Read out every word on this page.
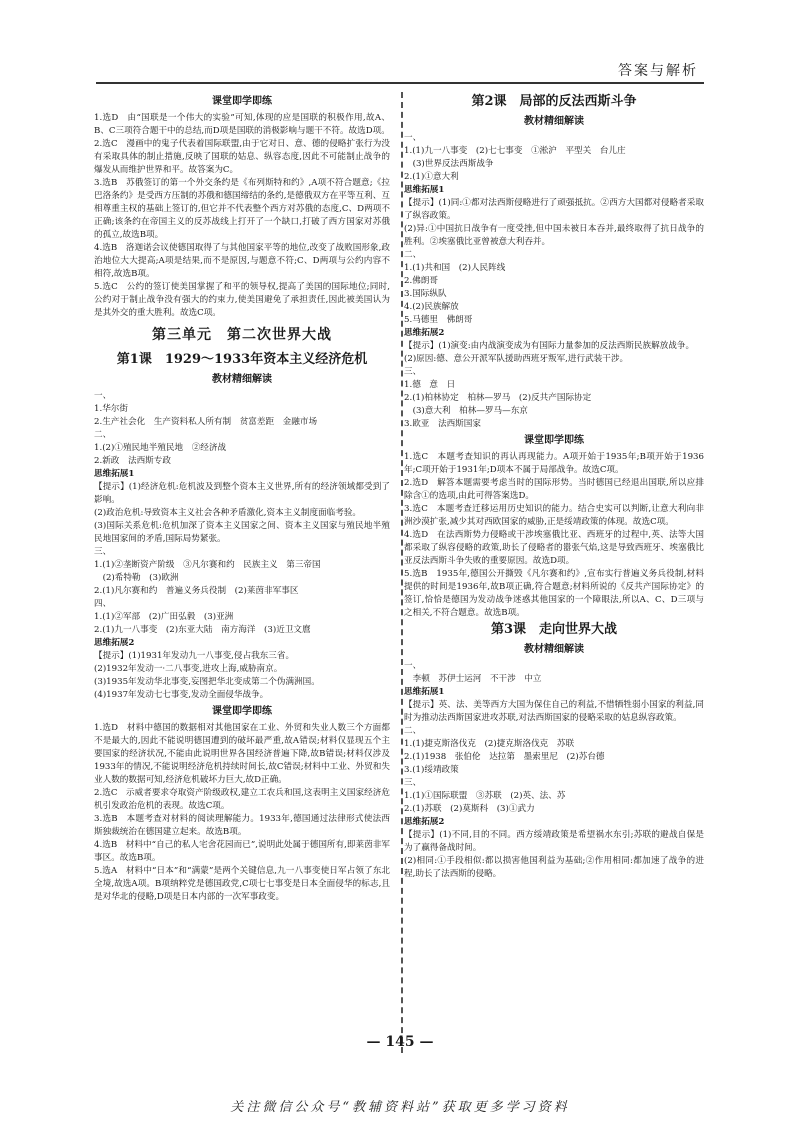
答案与解析
课堂即学即练
1.选D　由“国联是一个伟大的实验”可知,体现的应是国联的积极作用,故A、B、C三项符合题干中的总结,而D项是国联的消极影响与题干不符。故选D项。
2.选C　漫画中的鬼子代表着国际联盟,由于它对日、意、德的侵略扩张行为没有采取具体的制止措施,反映了国联的姑息、纵容态度,因此不可能制止战争的爆发从而维护世界和平。故答案为C。
3.选B　苏俄签订的第一个外交条约是《布列斯特和约》,A项不符合题意;《拉巴洛条约》是受西方压制的苏俄和德国缔结的条约,是德俄双方在平等互利、互相尊重主权的基础上签订的,但它并不代表整个西方对苏俄的态度,C、D两项不正确;该条约在帝国主义的反苏战线上打开了一个缺口,打破了西方国家对苏俄的孤立,故选B项。
4.选B　洛迦诺会议使德国取得了与其他国家平等的地位,改变了战败国形象,政治地位大大提高;A项是结果,而不是原因,与题意不符;C、D两项与公约内容不相符,故选B项。
5.选C　公约的签订使美国掌握了和平的领导权,提高了美国的国际地位;同时,公约对于制止战争没有强大的约束力,使美国避免了承担责任,因此被美国认为是其外交的重大胜利。故选C项。
第三单元　第二次世界大战
第1课　1929～1933年资本主义经济危机
教材精细解读
一、
1.华尔街
2.生产社会化　生产资料私人所有制　贫富差距　金融市场
二、
1.(2)①殖民地半殖民地　②经济战
2.新政　法西斯专政
思维拓展1
【提示】(1)经济危机:危机波及到整个资本主义世界,所有的经济领域都受到了影响。
(2)政治危机:导致资本主义社会各种矛盾激化,资本主义制度面临考验。
(3)国际关系危机:危机加深了资本主义国家之间、资本主义国家与殖民地半殖民地国家间的矛盾,国际局势紧张。
三、
1.(1)②垄断资产阶级　③凡尔赛和约　民族主义　第三帝国
　(2)希特勒　(3)欧洲
2.(1)凡尔赛和约　普遍义务兵役制　(2)莱茵非军事区
四、
1.(1)②军部　(2)广田弘毅　(3)亚洲
2.(1)九一八事变　(2)东亚大陆　南方海洋　(3)近卫文麿
思维拓展2
【提示】(1)1931年发动九一八事变,侵占我东三省。
(2)1932年发动一·二八事变,进攻上海,威胁南京。
(3)1935年发动华北事变,妄图把华北变成第二个伪满洲国。
(4)1937年发动七七事变,发动全面侵华战争。
课堂即学即练
1.选D　材料中德国的数据相对其他国家在工业、外贸和失业人数三个方面都不是最大的,因此不能说明德国遭到的破坏最严重,故A错误;材料仅显现五个主要国家的经济状况,不能由此说明世界各国经济普遍下降,故B错误;材料仅涉及1933年的情况,不能说明经济危机持续时间长,故C错误;材料中工业、外贸和失业人数的数据可知,经济危机破坏力巨大,故D正确。
2.选C　示威者要求夺取资产阶级政权,建立工农兵和国,这表明主义国家经济危机引发政治危机的表现。故选C项。
3.选B　本题考查对材料的阅读理解能力。1933年,德国通过法律形式使法西斯独裁统治在德国建立起来。故选B项。
4.选B　材料中“自己的私人宅舍花园而已”,说明此处属于德国所有,即莱茵非军事区。故选B项。
5.选A　材料中“日本”和“满蒙”是两个关键信息,九一八事变使日军占领了东北全境,故选A项。B项纳粹党是德国政党,C项七七事变是日本全面侵华的标志,且是对华北的侵略,D项是日本内部的一次军事政变。
第2课　局部的反法西斯斗争
教材精细解读
一、
1.(1)九一八事变　(2)七七事变　①淞沪　平型关　台儿庄
　(3)世界反法西斯战争
2.(1)①意大利
思维拓展1
【提示】(1)同:①都对法西斯侵略进行了顽强抵抗。②西方大国都对侵略者采取了纵容政策。
(2)异:①中国抗日战争有一度受挫,但中国未被日本吞并,最终取得了抗日战争的胜利。②埃塞俄比亚曾被意大利吞并。
二、
1.(1)共和国　(2)人民阵线
2.佛朗哥
3.国际纵队
4.(2)民族解放
5.马德里　佛朗哥
思维拓展2
【提示】(1)演变:由内战演变成为有国际力量参加的反法西斯民族解放战争。
(2)原因:德、意公开派军队援助西班牙叛军,进行武装干涉。
三、
1.德　意　日
2.(1)柏林协定　柏林—罗马　(2)反共产国际协定
　(3)意大利　柏林—罗马—东京
3.欧亚　法西斯国家
课堂即学即练
1.选C　本题考查知识的再认再现能力。A项开始于1935年;B项开始于1936年;C项开始于1931年;D项本不属于局部战争。故选C项。
2.选D　解答本题需要考虑当时的国际形势。当时德国已经退出国联,所以应排除含①的选项,由此可得答案选D。
3.选C　本题考查迁移运用历史知识的能力。结合史实可以判断,让意大利向非洲沙漠扩张,减少其对西欧国家的威胁,正是绥靖政策的体现。故选C项。
4.选D　在法西斯势力侵略或干涉埃塞俄比亚、西班牙的过程中,英、法等大国都采取了纵容侵略的政策,助长了侵略者的嚣张气焰,这是导致西班牙、埃塞俄比亚反法西斯斗争失败的重要原因。故选D项。
5.选B　1935年,德国公开撕毁《凡尔赛和约》,宣布实行普遍义务兵役制,材料提供的时间是1936年,故B项正确,符合题意;材料所说的《反共产国际协定》的签订,恰恰是德国为发动战争迷惑其他国家的一个障眼法,所以A、C、D三项与之相关,不符合题意。故选B项。
第3课　走向世界大战
教材精细解读
一、
　李顿　苏伊士运河　不干涉　中立
思维拓展1
【提示】英、法、美等西方大国为保住自己的利益,不惜牺牲弱小国家的利益,同时为推动法西斯国家进攻苏联,对法西斯国家的侵略采取的姑息纵容政策。
二、
1.(1)捷克斯洛伐克　(2)捷克斯洛伐克　苏联
2.(1)1938　张伯伦　达拉第　墨索里尼　(2)苏台德
3.(1)绥靖政策
三、
1.(1)①国际联盟　③苏联　(2)英、法、苏
2.(1)苏联　(2)莫斯科　(3)①武力
思维拓展2
【提示】(1)不同,目的不同。西方绥靖政策是希望祸水东引;苏联的避战自保是为了赢得备战时间。
(2)相同:①手段相似:都以损害他国利益为基础;②作用相同:都加速了战争的进程,助长了法西斯的侵略。
— 145 —
关注微信公众号“教辅资料站”获取更多学习资料
